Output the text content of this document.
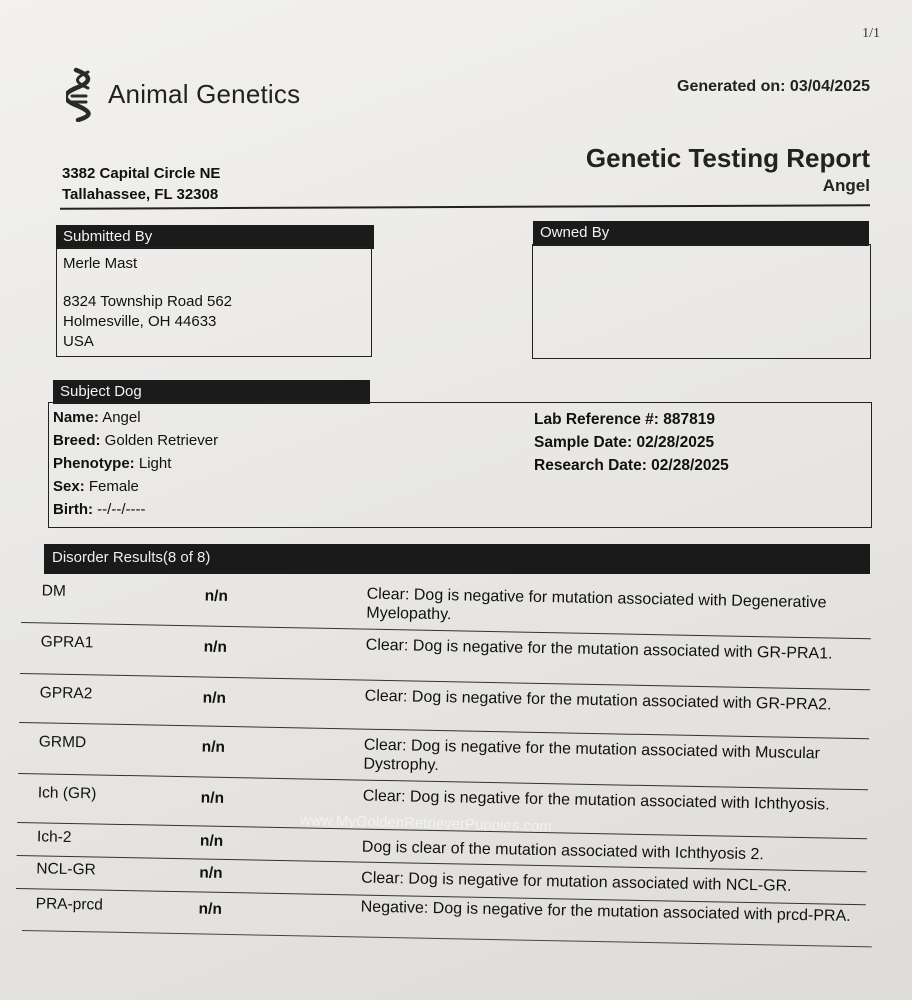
1/1
Animal Genetics	Generated on: 03/04/2025
3382 Capital Circle NE
Tallahassee, FL 32308
Genetic Testing Report
Angel
Submitted By
Merle Mast
8324 Township Road 562
Holmesville, OH 44633
USA
Owned By
Subject Dog
Name: Angel
Breed: Golden Retriever
Phenotype: Light
Sex: Female
Birth: --/--/----
Lab Reference #: 887819
Sample Date: 02/28/2025
Research Date: 02/28/2025
Disorder Results(8 of 8)
www.MyGoldenRetrieverPuppies.com
DM	n/n	Clear: Dog is negative for mutation associated with Degenerative Myelopathy.
GPRA1	n/n	Clear: Dog is negative for the mutation associated with GR-PRA1.
GPRA2	n/n	Clear: Dog is negative for the mutation associated with GR-PRA2.
GRMD	n/n	Clear: Dog is negative for the mutation associated with Muscular Dystrophy.
Ich (GR)	n/n	Clear: Dog is negative for the mutation associated with Ichthyosis.
Ich-2	n/n	Dog is clear of the mutation associated with Ichthyosis 2.
NCL-GR	n/n	Clear: Dog is negative for mutation associated with NCL-GR.
PRA-prcd	n/n	Negative: Dog is negative for the mutation associated with prcd-PRA.
